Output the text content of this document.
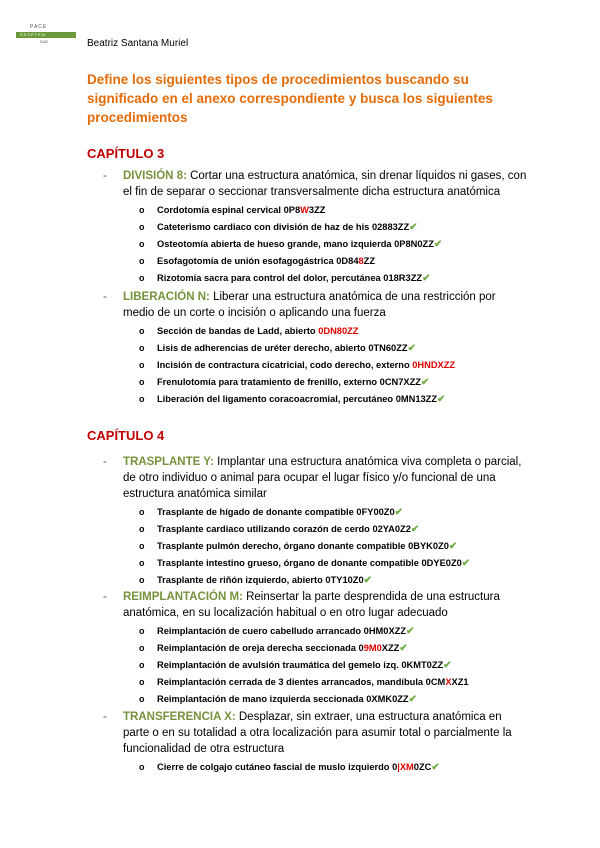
PACE
SSSPTEN
DAE	Beatriz Santana Muriel
Define los siguientes tipos de procedimientos buscando su significado en el anexo correspondiente y busca los siguientes procedimientos
CAPÍTULO 3
-	DIVISIÓN 8: Cortar una estructura anatómica, sin drenar líquidos ni gases, con el fin de separar o seccionar transversalmente dicha estructura anatómica
o Cordotomía espinal cervical 0P8W3ZZ
o Cateterismo cardiaco con división de haz de his 02883ZZ✔
o Osteotomía abierta de hueso grande, mano izquierda 0P8N0ZZ✔
o Esofagotomía de unión esofagogástrica 0D848ZZ
o Rizotomía sacra para control del dolor, percutánea 018R3ZZ✔
-	LIBERACIÓN N: Liberar una estructura anatómica de una restricción por medio de un corte o incisión o aplicando una fuerza
o Sección de bandas de Ladd, abierto 0DN80ZZ
o Lisis de adherencias de uréter derecho, abierto 0TN60ZZ✔
o Incisión de contractura cicatricial, codo derecho, externo 0HNDXZZ
o Frenulotomía para tratamiento de frenillo, externo 0CN7XZZ✔
o Liberación del ligamento coracoacromial, percutáneo 0MN13ZZ✔
CAPÍTULO 4
-	TRASPLANTE Y: Implantar una estructura anatómica viva completa o parcial, de otro individuo o animal para ocupar el lugar físico y/o funcional de una estructura anatómica similar
o Trasplante de hígado de donante compatible 0FY00Z0✔
o Trasplante cardiaco utilizando corazón de cerdo 02YA0Z2✔
o Trasplante pulmón derecho, órgano donante compatible 0BYK0Z0✔
o Trasplante intestino grueso, órgano de donante compatible 0DYE0Z0✔
o Trasplante de riñón izquierdo, abierto 0TY10Z0✔
-	REIMPLANTACIÓN M: Reinsertar la parte desprendida de una estructura anatómica, en su localización habitual o en otro lugar adecuado
o Reimplantación de cuero cabelludo arrancado 0HM0XZZ✔
o Reimplantación de oreja derecha seccionada 09M0XZZ✔
o Reimplantación de avulsión traumática del gemelo izq. 0KMT0ZZ✔
o Reimplantación cerrada de 3 dientes arrancados, mandíbula 0CMXXZ1
o Reimplantación de mano izquierda seccionada 0XMK0ZZ✔
-	TRANSFERENCIA X: Desplazar, sin extraer, una estructura anatómica en parte o en su totalidad a otra localización para asumir total o parcialmente la funcionalidad de otra estructura
o Cierre de colgajo cutáneo fascial de muslo izquierdo 0|XM0ZC✔
